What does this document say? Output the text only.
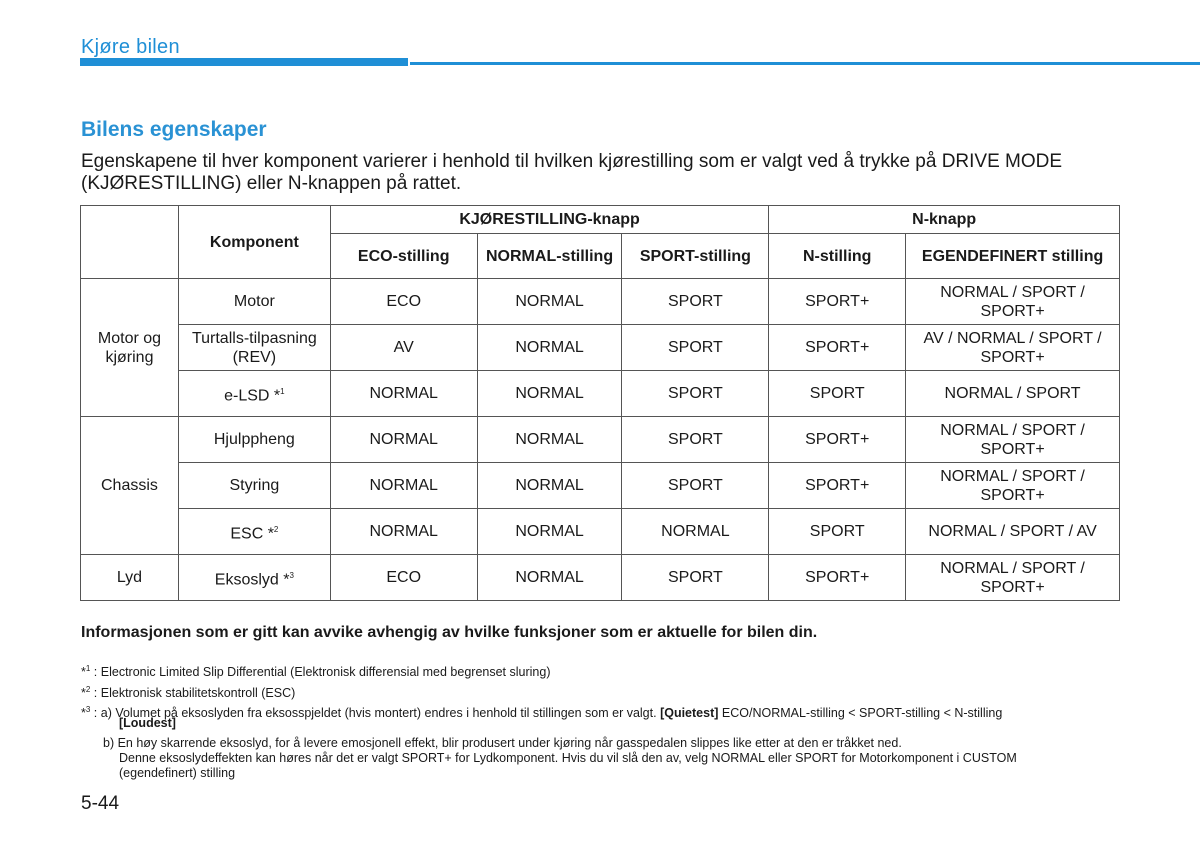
Kjøre bilen
Bilens egenskaper
Egenskapene til hver komponent varierer i henhold til hvilken kjørestilling som er valgt ved å trykke på DRIVE MODE (KJØRESTILLING) eller N-knappen på rattet.
	Komponent	KJØRESTILLING-knapp			N-knapp	
		ECO-stilling	NORMAL-stilling	SPORT-stilling	N-stilling	EGENDEFINERT stilling
Motor og kjøring	Motor	ECO	NORMAL	SPORT	SPORT+	NORMAL / SPORT / SPORT+
	Turtalls-tilpasning (REV)	AV	NORMAL	SPORT	SPORT+	AV / NORMAL / SPORT / SPORT+
	e-LSD *$^1$	NORMAL	NORMAL	SPORT	SPORT	NORMAL / SPORT
Chassis	Hjulppheng	NORMAL	NORMAL	SPORT	SPORT+	NORMAL / SPORT / SPORT+
	Styring	NORMAL	NORMAL	SPORT	SPORT+	NORMAL / SPORT / SPORT+
	ESC *$^2$	NORMAL	NORMAL	NORMAL	SPORT	NORMAL / SPORT / AV
Lyd	Eksoslyd *$^3$	ECO	NORMAL	SPORT	SPORT+	NORMAL / SPORT / SPORT+
Informasjonen som er gitt kan avvike avhengig av hvilke funksjoner som er aktuelle for bilen din.
*$^1$ : Electronic Limited Slip Differential (Elektronisk differensial med begrenset sluring)
*$^2$ : Elektronisk stabilitetskontroll (ESC)
*$^3$ : a) Volumet på eksoslyden fra eksosspjeldet (hvis montert) endres i henhold til stillingen som er valgt. [Quietest] ECO/NORMAL-stilling < SPORT-stilling < N-stilling
[Loudest]
b) En høy skarrende eksoslyd, for å levere emosjonell effekt, blir produsert under kjøring når gasspedalen slippes like etter at den er tråkket ned.
Denne eksoslydeffekten kan høres når det er valgt SPORT+ for Lydkomponent. Hvis du vil slå den av, velg NORMAL eller SPORT for Motorkomponent i CUSTOM
(egendefinert) stilling
5-44
